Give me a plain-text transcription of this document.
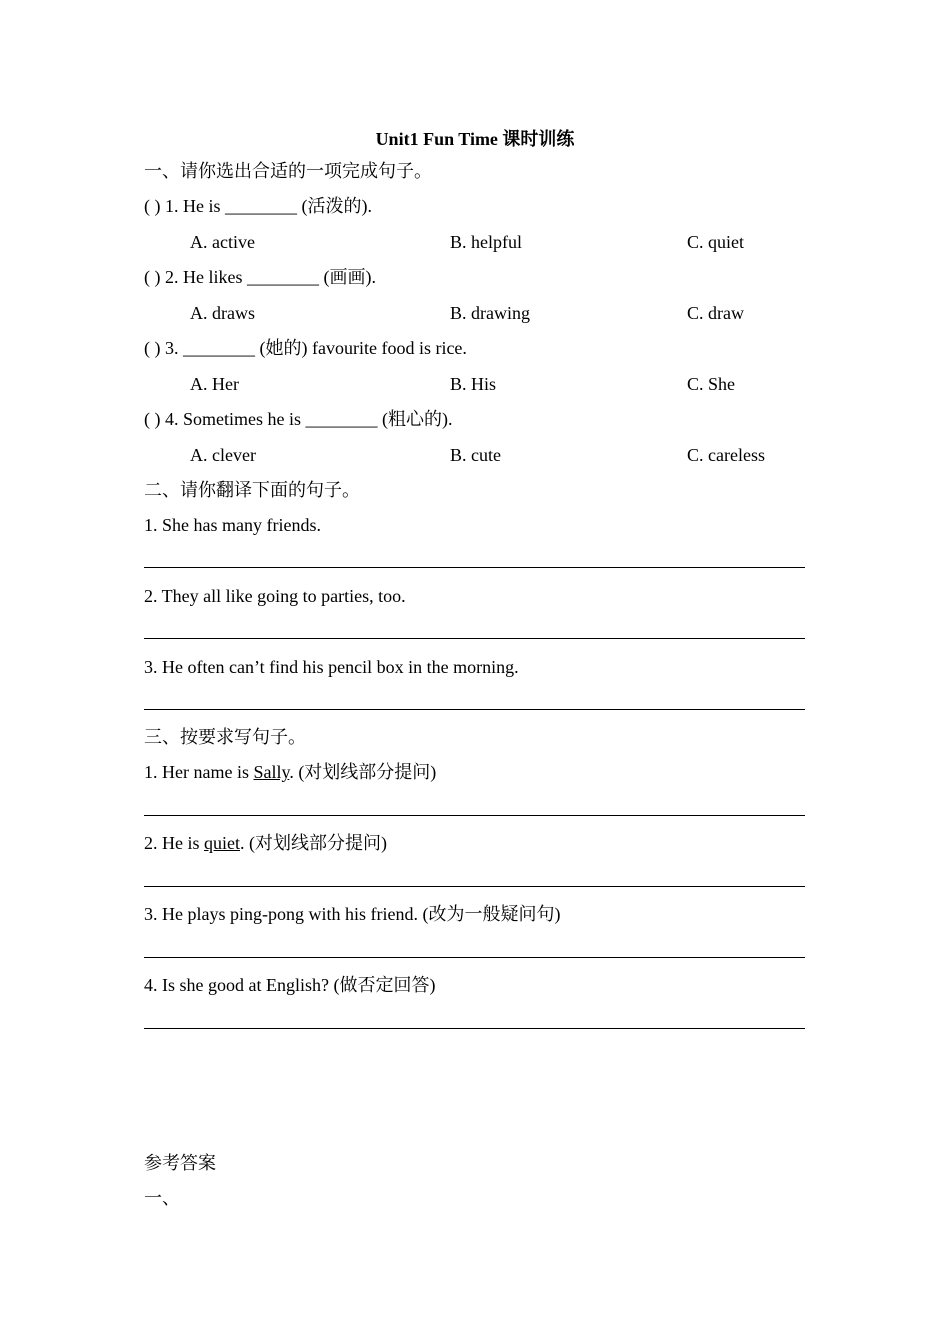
Unit1 Fun Time 课时训练
一、请你选出合适的一项完成句子。
( ) 1. He is ________ (活泼的).
A. active	B. helpful	C. quiet
( ) 2. He likes ________ (画画).
A. draws	B. drawing	C. draw
( ) 3. ________ (她的) favourite food is rice.
A. Her	B. His	C. She
( ) 4. Sometimes he is ________ (粗心的).
A. clever	B. cute	C. careless
二、请你翻译下面的句子。
1. She has many friends.
2. They all like going to parties, too.
3. He often can’t find his pencil box in the morning.
三、按要求写句子。
1. Her name is Sally. (对划线部分提问)
2. He is quiet. (对划线部分提问)
3. He plays ping-pong with his friend. (改为一般疑问句)
4. Is she good at English? (做否定回答)
参考答案
一、
